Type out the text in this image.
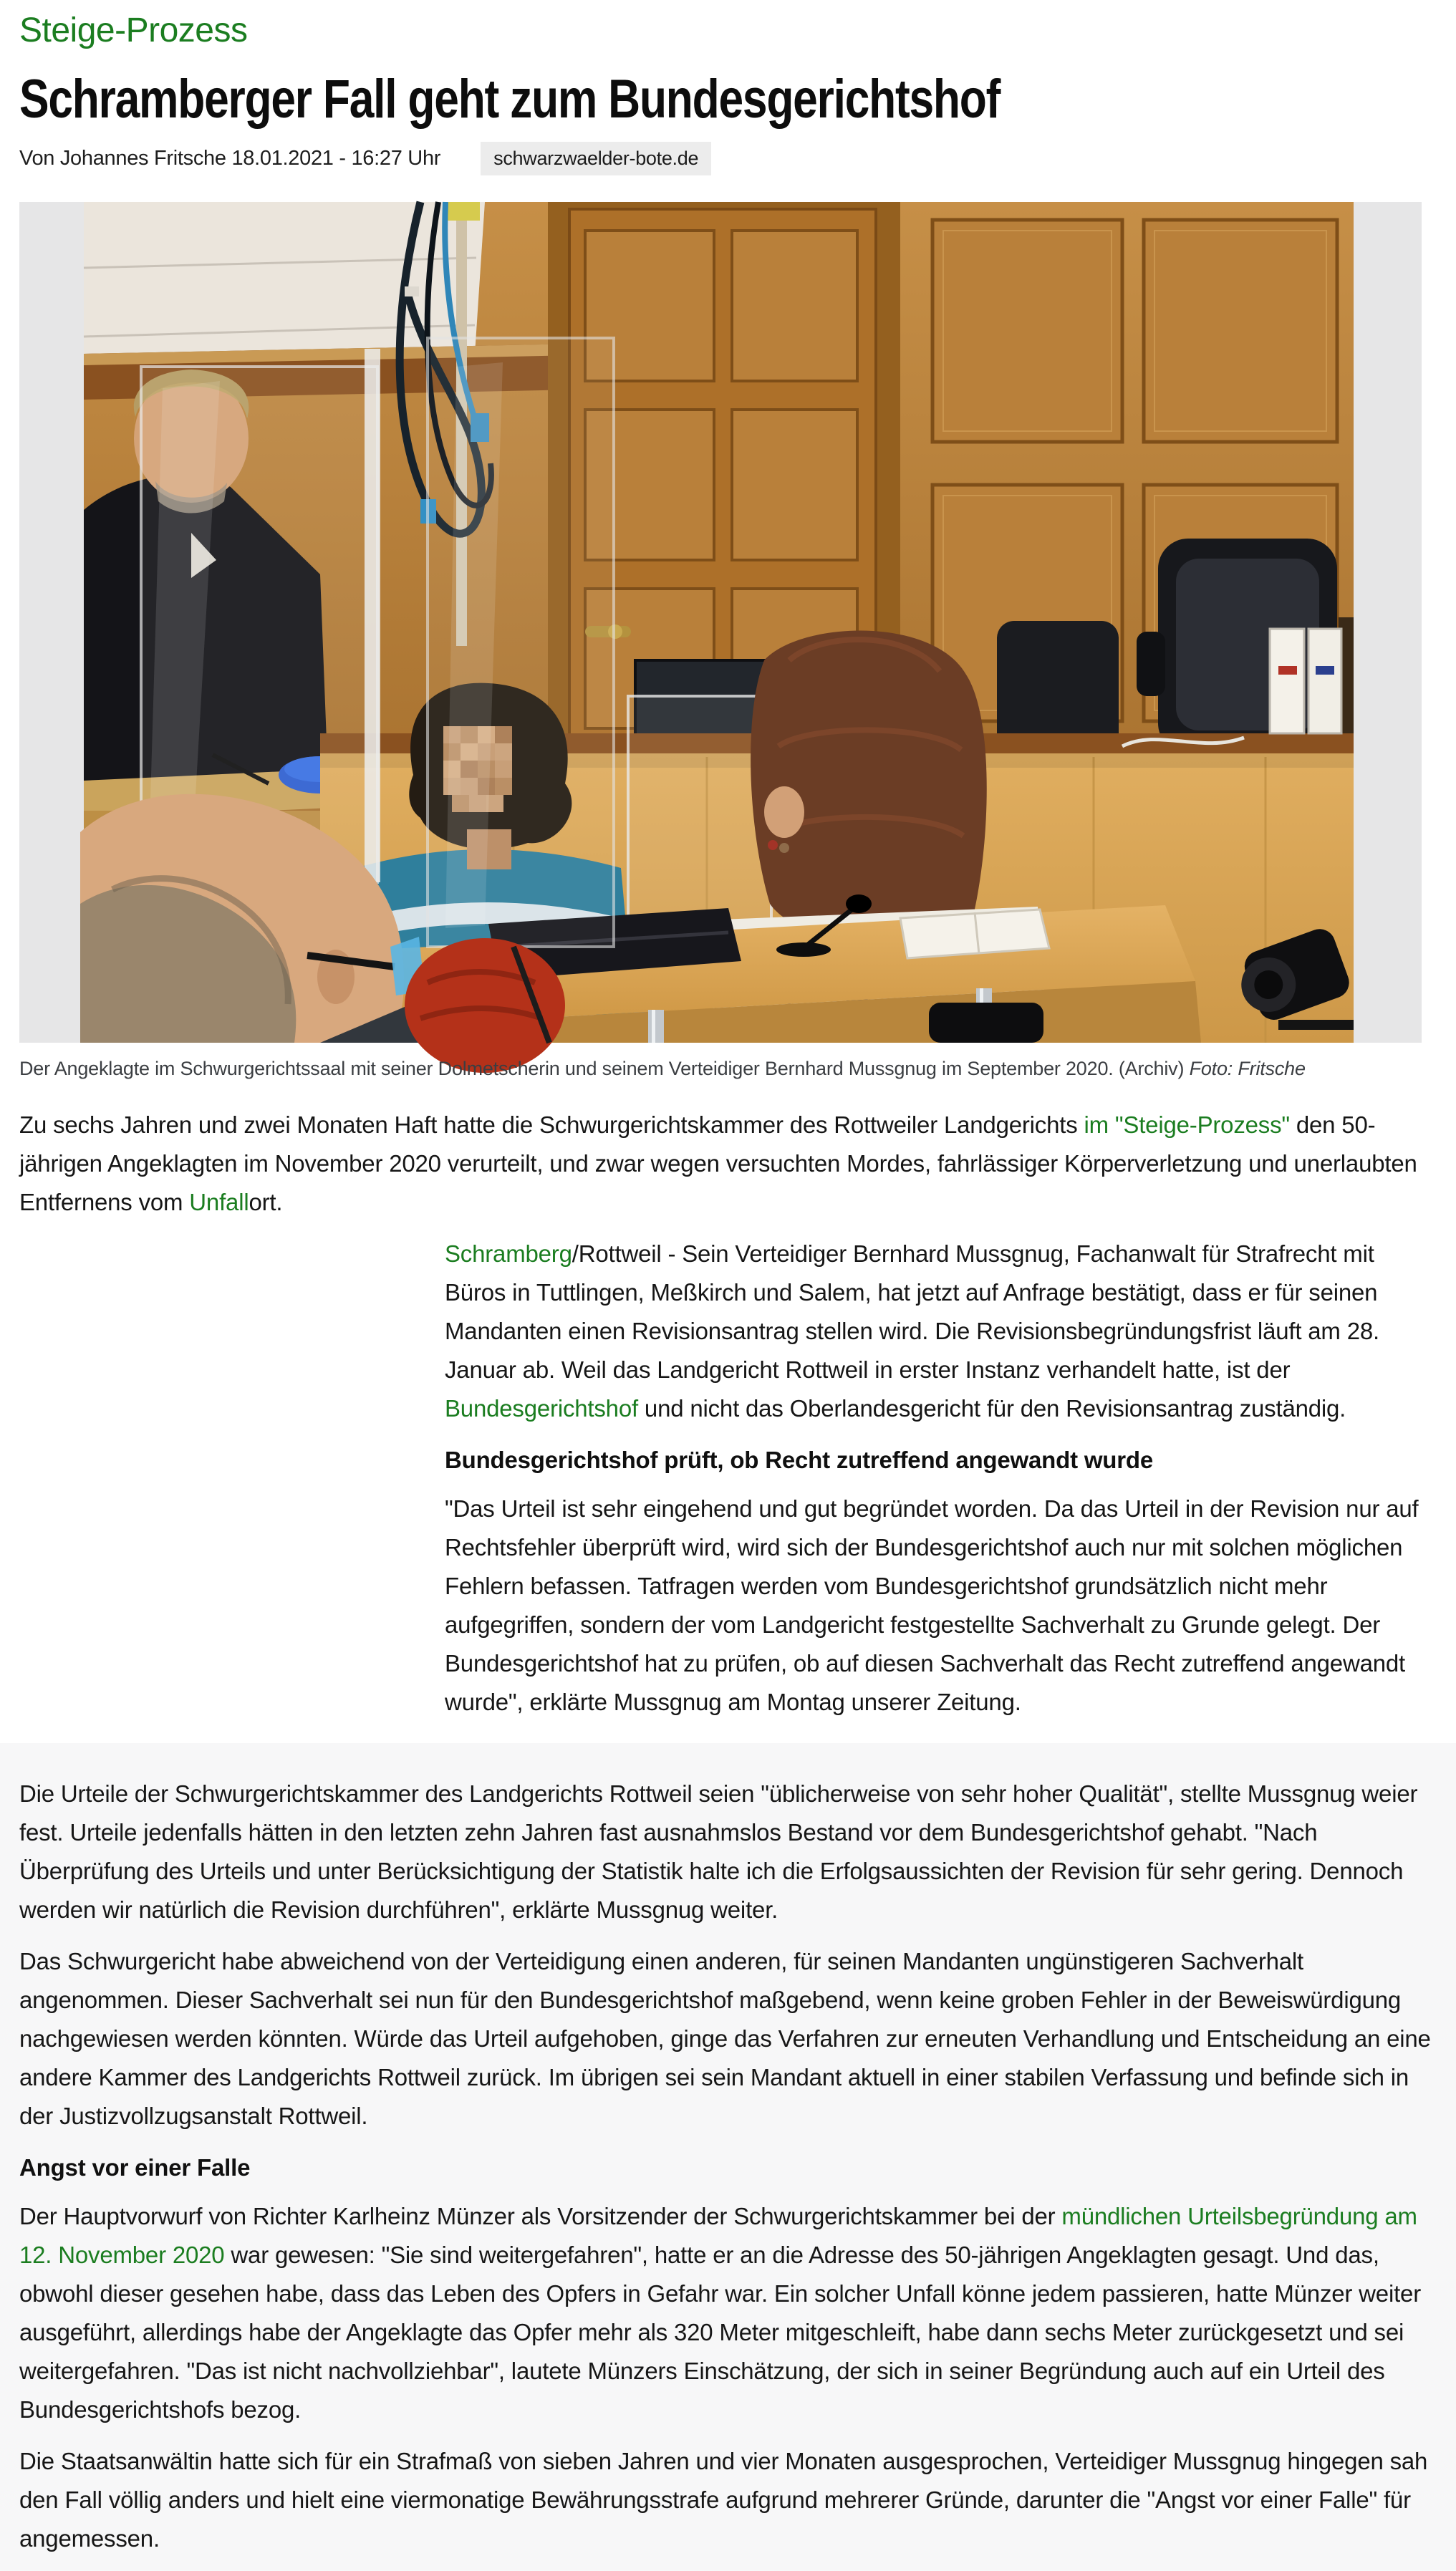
Steige-Prozess
Schramberger Fall geht zum Bundesgerichtshof
Von Johannes Fritsche 18.01.2021 - 16:27 Uhr	schwarzwaelder-bote.de
Der Angeklagte im Schwurgerichtssaal mit seiner Dolmetscherin und seinem Verteidiger Bernhard Mussgnug im September 2020. (Archiv) Foto: Fritsche

Zu sechs Jahren und zwei Monaten Haft hatte die Schwurgerichtskammer des Rottweiler Landgerichts im "Steige-Prozess" den 50-jährigen Angeklagten im November 2020 verurteilt, und zwar wegen versuchten Mordes, fahrlässiger Körperverletzung und unerlaubten Entfernens vom Unfallort.

Schramberg/Rottweil - Sein Verteidiger Bernhard Mussgnug, Fachanwalt für Strafrecht mit Büros in Tuttlingen, Meßkirch und Salem, hat jetzt auf Anfrage bestätigt, dass er für seinen Mandanten einen Revisionsantrag stellen wird. Die Revisionsbegründungsfrist läuft am 28. Januar ab. Weil das Landgericht Rottweil in erster Instanz verhandelt hatte, ist der Bundesgerichtshof und nicht das Oberlandesgericht für den Revisionsantrag zuständig.

Bundesgerichtshof prüft, ob Recht zutreffend angewandt wurde

"Das Urteil ist sehr eingehend und gut begründet worden. Da das Urteil in der Revision nur auf Rechtsfehler überprüft wird, wird sich der Bundesgerichtshof auch nur mit solchen möglichen Fehlern befassen. Tatfragen werden vom Bundesgerichtshof grundsätzlich nicht mehr aufgegriffen, sondern der vom Landgericht festgestellte Sachverhalt zu Grunde gelegt. Der Bundesgerichtshof hat zu prüfen, ob auf diesen Sachverhalt das Recht zutreffend angewandt wurde", erklärte Mussgnug am Montag unserer Zeitung.

Die Urteile der Schwurgerichtskammer des Landgerichts Rottweil seien "üblicherweise von sehr hoher Qualität", stellte Mussgnug weier fest. Urteile jedenfalls hätten in den letzten zehn Jahren fast ausnahmslos Bestand vor dem Bundesgerichtshof gehabt. "Nach Überprüfung des Urteils und unter Berücksichtigung der Statistik halte ich die Erfolgsaussichten der Revision für sehr gering. Dennoch werden wir natürlich die Revision durchführen", erklärte Mussgnug weiter.

Das Schwurgericht habe abweichend von der Verteidigung einen anderen, für seinen Mandanten ungünstigeren Sachverhalt angenommen. Dieser Sachverhalt sei nun für den Bundesgerichtshof maßgebend, wenn keine groben Fehler in der Beweiswürdigung nachgewiesen werden könnten. Würde das Urteil aufgehoben, ginge das Verfahren zur erneuten Verhandlung und Entscheidung an eine andere Kammer des Landgerichts Rottweil zurück. Im übrigen sei sein Mandant aktuell in einer stabilen Verfassung und befinde sich in der Justizvollzugsanstalt Rottweil.

Angst vor einer Falle

Der Hauptvorwurf von Richter Karlheinz Münzer als Vorsitzender der Schwurgerichtskammer bei der mündlichen Urteilsbegründung am 12. November 2020 war gewesen: "Sie sind weitergefahren", hatte er an die Adresse des 50-jährigen Angeklagten gesagt. Und das, obwohl dieser gesehen habe, dass das Leben des Opfers in Gefahr war. Ein solcher Unfall könne jedem passieren, hatte Münzer weiter ausgeführt, allerdings habe der Angeklagte das Opfer mehr als 320 Meter mitgeschleift, habe dann sechs Meter zurückgesetzt und sei weitergefahren. "Das ist nicht nachvollziehbar", lautete Münzers Einschätzung, der sich in seiner Begründung auch auf ein Urteil des Bundesgerichtshofs bezog.

Die Staatsanwältin hatte sich für ein Strafmaß von sieben Jahren und vier Monaten ausgesprochen, Verteidiger Mussgnug hingegen sah den Fall völlig anders und hielt eine viermonatige Bewährungsstrafe aufgrund mehrerer Gründe, darunter die "Angst vor einer Falle" für angemessen.
